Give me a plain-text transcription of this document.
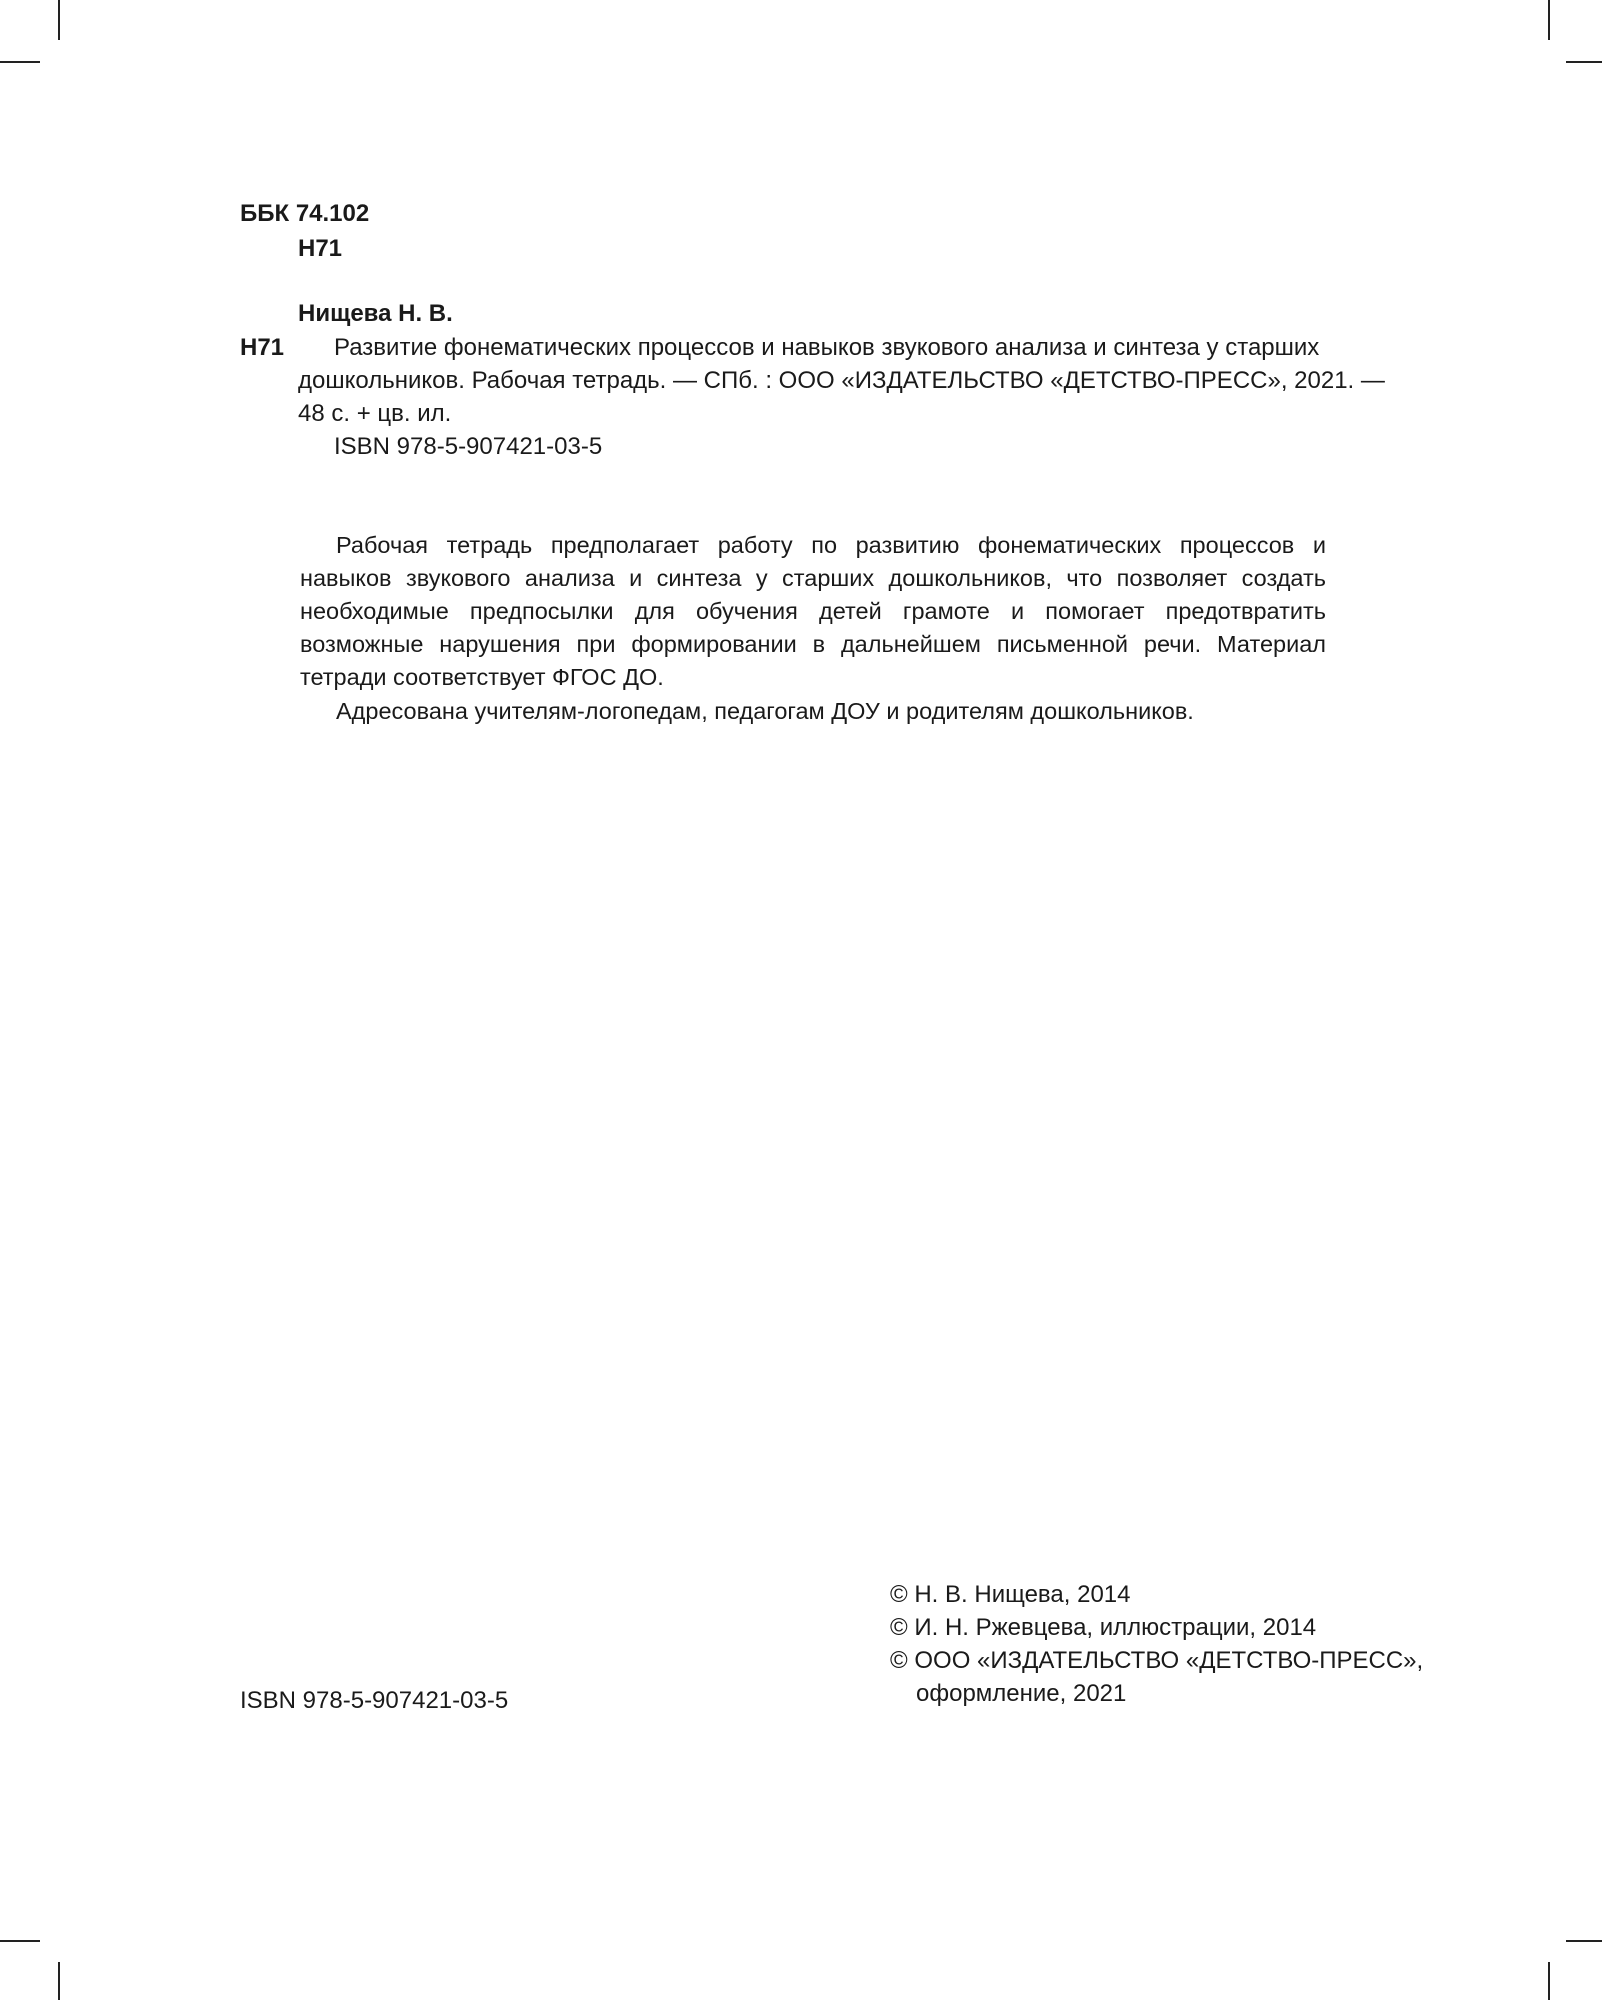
ББК 74.102
Н71
Нищева Н. В.
Н71 Развитие фонематических процессов и навыков звукового анализа и синтеза у старших
дошкольников. Рабочая тетрадь. — СПб. : ООО «ИЗДАТЕЛЬСТВО «ДЕТСТВО-ПРЕСС», 2021. —
48 с. + цв. ил.
ISBN 978-5-907421-03-5
Рабочая тетрадь предполагает работу по развитию фонематических процессов и навыков звукового анализа и синтеза у старших дошкольников, что позволяет создать необходимые предпосылки для обучения детей грамоте и помогает предотвратить возможные нарушения при формировании в дальнейшем письменной речи. Материал тетради соответствует ФГОС ДО.
Адресована учителям-логопедам, педагогам ДОУ и родителям дошкольников.
© Н. В. Нищева, 2014
© И. Н. Ржевцева, иллюстрации, 2014
© ООО «ИЗДАТЕЛЬСТВО «ДЕТСТВО-ПРЕСС»,
оформление, 2021
ISBN 978-5-907421-03-5
